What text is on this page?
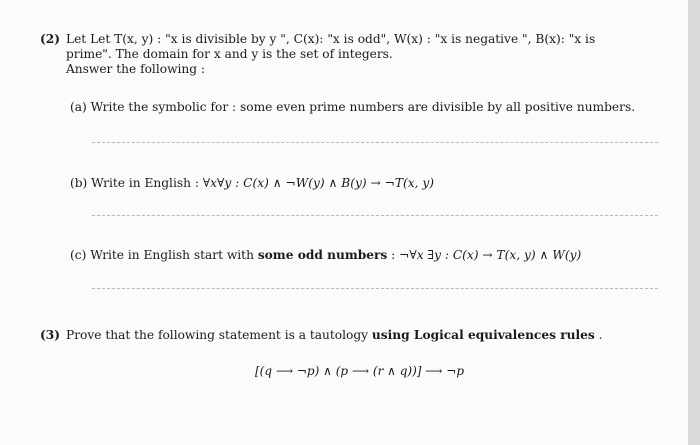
(2) Let Let T(x, y) : "x is divisible by y ", C(x): "x is odd", W(x) : "x is negative ", B(x): "x is
prime". The domain for x and y is the set of integers.
Answer the following :
(a) Write the symbolic for : some even prime numbers are divisible by all positive numbers.
(b) Write in English : ∀x∀y : C(x) ∧ ¬W(y) ∧ B(y) → ¬T(x, y)
(c) Write in English start with some odd numbers : ¬∀x ∃y : C(x) → T(x, y) ∧ W(y)
(3) Prove that the following statement is a tautology using Logical equivalences rules .
[(q ⟶ ¬p) ∧ (p ⟶ (r ∧ q))] ⟶ ¬p
